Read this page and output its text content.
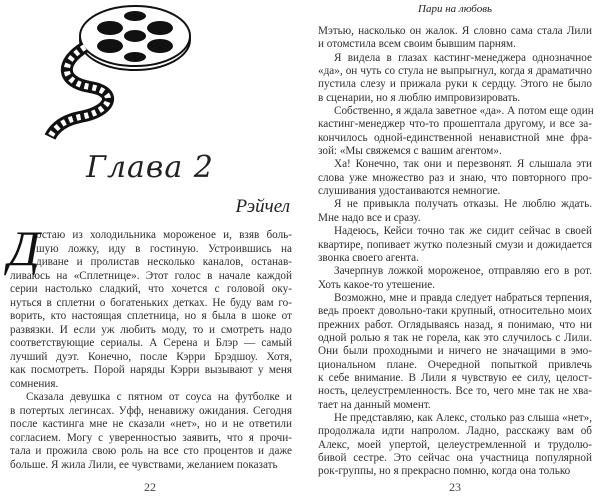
Глава 2
Рэйчел
Д
остаю из холодильника мороженое и, взяв боль-
шую ложку, иду в гостиную. Устроившись на
диване и пролистав несколько каналов, останав-
ливаюсь на «Сплетнице». Этот голос в начале каждой
серии настолько сладкий, что хочется с головой оку-
нуться в сплетни о богатеньких детках. Не буду вам го-
ворить, кто настоящая сплетница, но я была в шоке от
развязки. И если уж любить моду, то и смотреть надо
соответствующие сериалы. А Серена и Блэр — самый
лучший дуэт. Конечно, после Кэрри Брэдшоу. Хотя,
как посмотреть. Порой наряды Кэрри вызывают у меня
сомнения.
Сказала девушка с пятном от соуса на футболке и
в потертых легинсах. Уфф, ненавижу ожидания. Сегодня
после кастинга мне не сказали «нет», но и не ответили
согласием. Могу с уверенностью заявить, что я прочи-
тала и прожила свою роль на все сто процентов и даже
больше. Я жила Лили, ее чувствами, желанием показать
22
Пари на любовь
Мэтью, насколько он жалок. Я словно сама стала Лили
и отомстила всем своим бывшим парням.
Я видела в глазах кастинг-менеджера однозначное
«да», он чуть со стула не выпрыгнул, когда я драматично
пустила слезу и прижала руки к сердцу. Этого не было
в сценарии, но я люблю импровизировать.
Собственно, я ждала заветное «да». А потом еще один
кастинг-менеджер что-то прошептала другому, и все за-
кончилось одной-единственной ненавистной мне фра-
зой: «Мы свяжемся с вашим агентом».
Ха! Конечно, так они и перезвонят. Я слышала эти
слова уже множество раз и знаю, что повторного про-
слушивания удостаиваются немногие.
Я не привыкла получать отказы. Не люблю ждать.
Мне надо все и сразу.
Надеюсь, Кейси точно так же сидит сейчас в своей
квартире, попивает жутко полезный смузи и дожидается
звонка своего агента.
Зачерпнув ложкой мороженое, отправляю его в рот.
Хоть какое-то утешение.
Возможно, мне и правда следует набраться терпения,
ведь проект довольно-таки крупный, относительно моих
прежних работ. Оглядываясь назад, я понимаю, что ни
одной ролью я так не горела, как это случилось с Лили.
Они были проходными и ничего не значащими в эмо-
циональном плане. Очередной попыткой привлечь
к себе внимание. В Лили я чувствую ее силу, целост-
ность, целеустремленность. Все то, чего мне так не хва-
тает на данный момент.
Не представляю, как Алекс, столько раз слыша «нет»,
продолжала идти напролом. Ладно, расскажу вам об
Алекс, моей упертой, целеустремленной и трудолю-
бивой сестре. Это сейчас она участница популярной
рок-группы, но я прекрасно помню, когда она только
23
